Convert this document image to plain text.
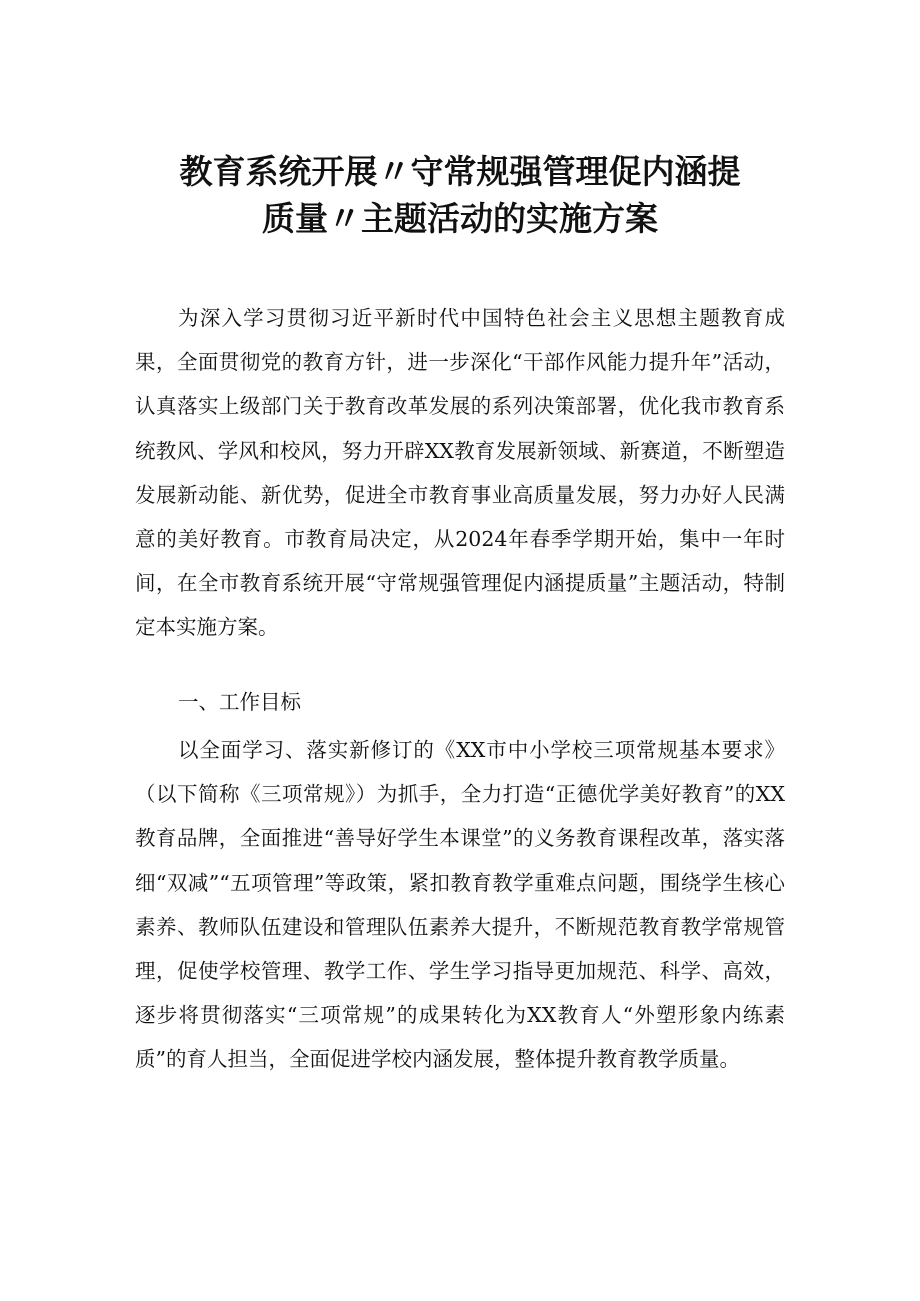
教育系统开展〃守常规强管理促内涵提
质量〃主题活动的实施方案

为深入学习贯彻习近平新时代中国特色社会主义思想主题教育成果，全面贯彻党的教育方针，进一步深化“干部作风能力提升年”活动，认真落实上级部门关于教育改革发展的系列决策部署，优化我市教育系统教风、学风和校风，努力开辟XX教育发展新领域、新赛道，不断塑造发展新动能、新优势，促进全市教育事业高质量发展，努力办好人民满意的美好教育。市教育局决定，从2024年春季学期开始，集中一年时间，在全市教育系统开展“守常规强管理促内涵提质量”主题活动，特制定本实施方案。

一、工作目标

以全面学习、落实新修订的《XX市中小学校三项常规基本要求》（以下简称《三项常规》）为抓手，全力打造“正德优学美好教育”的XX教育品牌，全面推进“善导好学生本课堂”的义务教育课程改革，落实落细“双减”“五项管理”等政策，紧扣教育教学重难点问题，围绕学生核心素养、教师队伍建设和管理队伍素养大提升，不断规范教育教学常规管理，促使学校管理、教学工作、学生学习指导更加规范、科学、高效，逐步将贯彻落实“三项常规”的成果转化为XX教育人“外塑形象内练素质”的育人担当，全面促进学校内涵发展，整体提升教育教学质量。
